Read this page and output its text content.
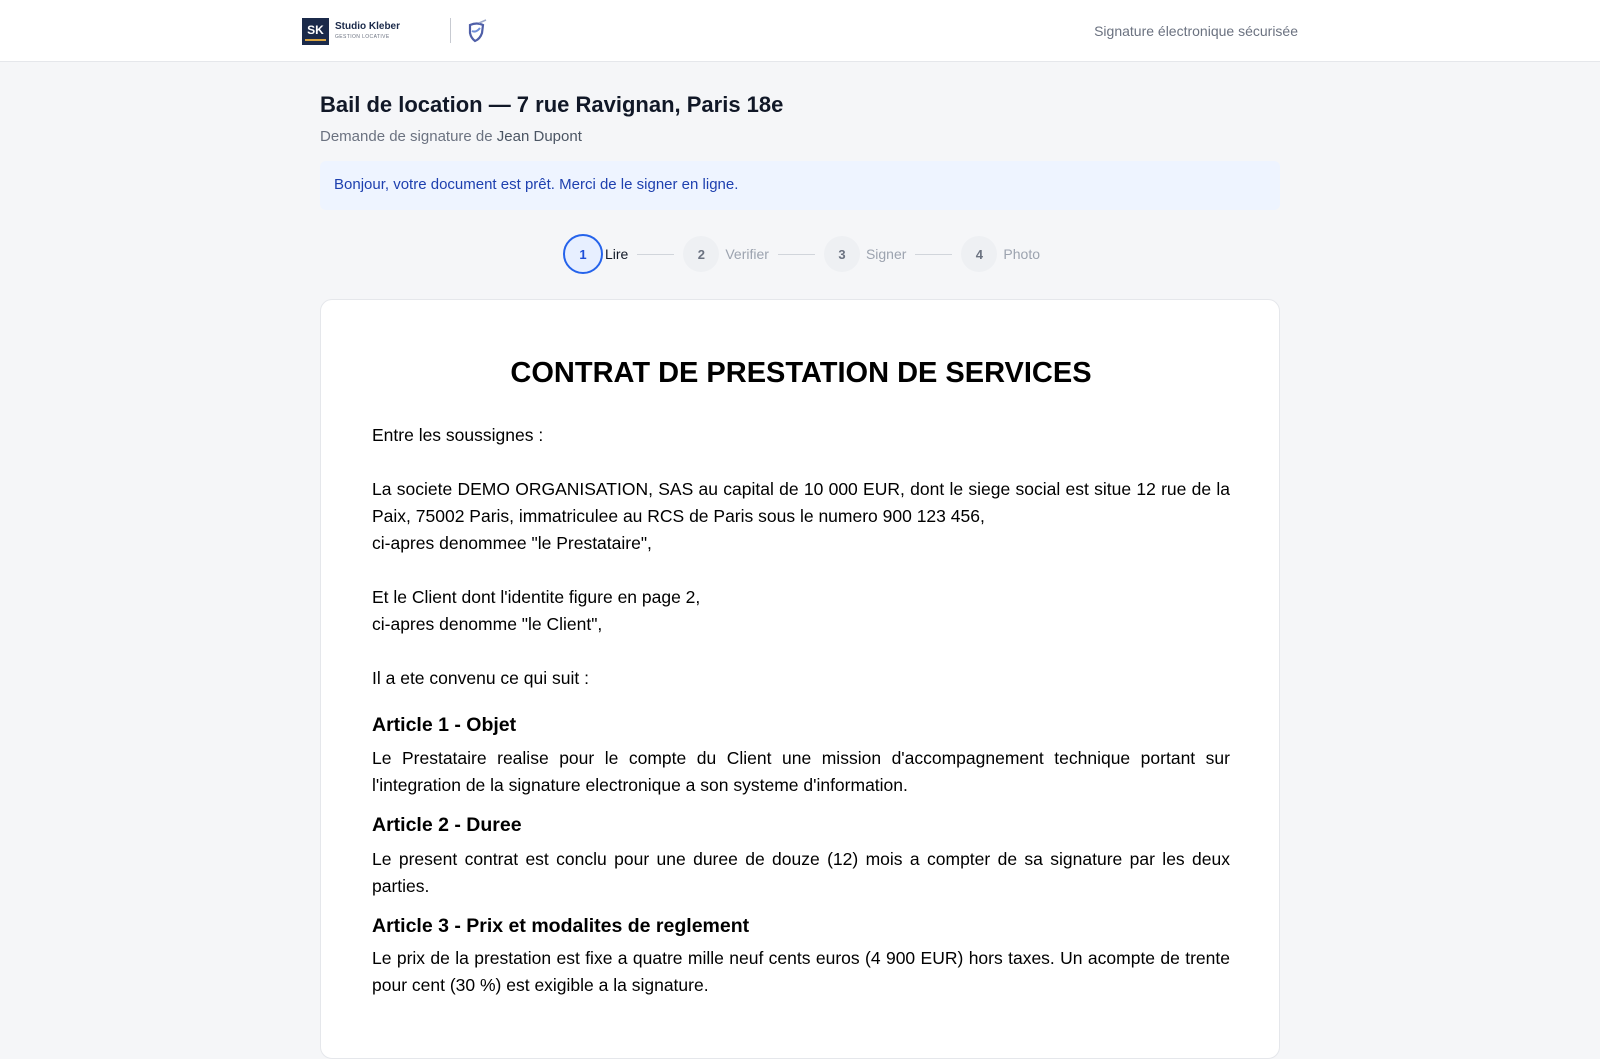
SK Studio Kleber
GESTION LOCATIVE	Signature électronique sécurisée
Bail de location — 7 rue Ravignan, Paris 18e
Demande de signature de Jean Dupont
Bonjour, votre document est prêt. Merci de le signer en ligne.
1	Lire	2	Verifier	3	Signer	4	Photo
CONTRAT DE PRESTATION DE SERVICES
Entre les soussignes :
La societe DEMO ORGANISATION, SAS au capital de 10 000 EUR, dont le siege social est situe 12 rue de la Paix, 75002 Paris, immatriculee au RCS de Paris sous le numero 900 123 456,
ci-apres denommee "le Prestataire",
Et le Client dont l'identite figure en page 2,
ci-apres denomme "le Client",
Il a ete convenu ce qui suit :
Article 1 - Objet
Le Prestataire realise pour le compte du Client une mission d'accompagnement technique portant sur l'integration de la signature electronique a son systeme d'information.
Article 2 - Duree
Le present contrat est conclu pour une duree de douze (12) mois a compter de sa signature par les deux parties.
Article 3 - Prix et modalites de reglement
Le prix de la prestation est fixe a quatre mille neuf cents euros (4 900 EUR) hors taxes. Un acompte de trente pour cent (30 %) est exigible a la signature.
